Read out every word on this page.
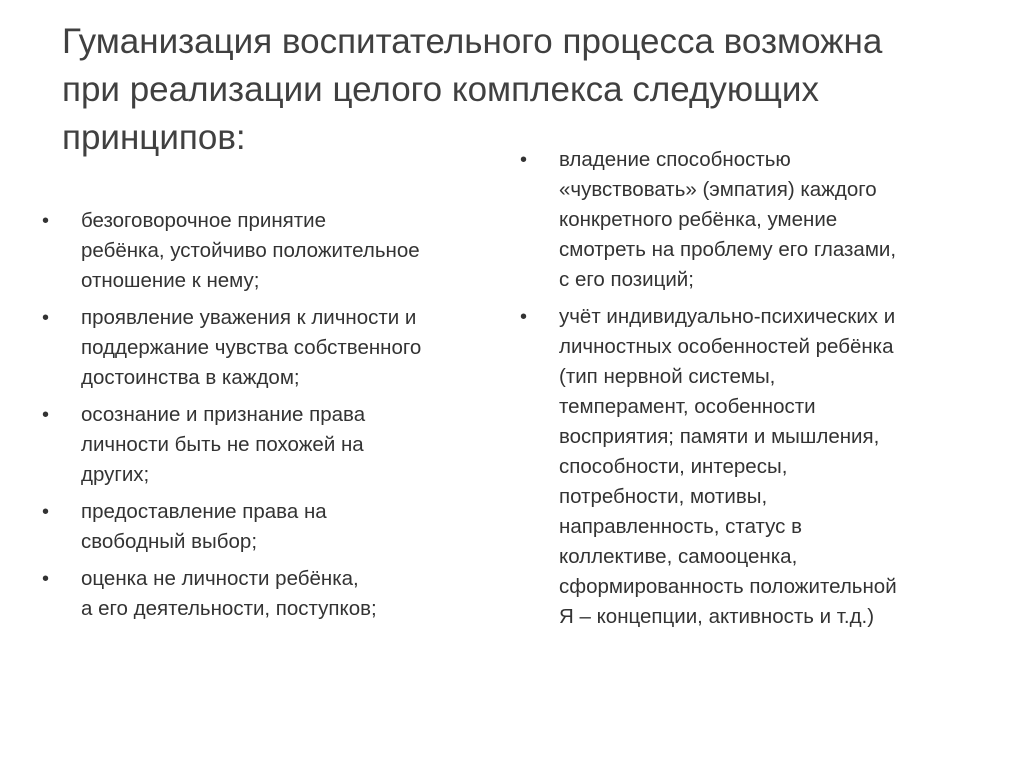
Гуманизация воспитательного процесса возможна
при реализации целого комплекса следующих
принципов:
•	безоговорочное принятие
ребёнка, устойчиво положительное
отношение к нему;
•	проявление уважения к личности и
поддержание чувства собственного
достоинства в каждом;
•	осознание и признание права
личности быть не похожей на
других;
•	предоставление права на
свободный выбор;
•	оценка не личности ребёнка,
а его деятельности, поступков;
•	владение способностью
«чувствовать» (эмпатия) каждого
конкретного ребёнка, умение
смотреть на проблему его глазами,
с его позиций;
•	учёт индивидуально-психических и
личностных особенностей ребёнка
(тип нервной системы,
темперамент, особенности
восприятия; памяти и мышления,
способности, интересы,
потребности, мотивы,
направленность, статус в
коллективе, самооценка,
сформированность положительной
Я – концепции, активность и т.д.)
